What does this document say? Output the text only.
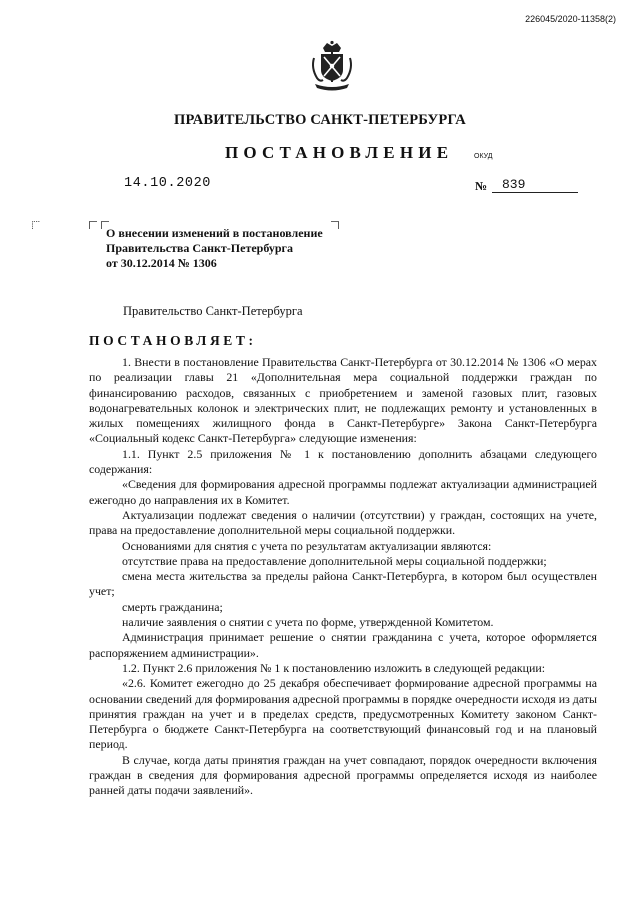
226045/2020-11358(2)
ПРАВИТЕЛЬСТВО САНКТ-ПЕТЕРБУРГА
ПОСТАНОВЛЕНИЕ	ОКУД
14.10.2020	№	839
О внесении изменений в постановление
Правительства Санкт-Петербурга
от 30.12.2014 № 1306
Правительство Санкт-Петербурга
ПОСТАНОВЛЯЕТ:

1. Внести в постановление Правительства Санкт-Петербурга от 30.12.2014 № 1306 «О мерах по реализации главы 21 «Дополнительная мера социальной поддержки граждан по финансированию расходов, связанных с приобретением и заменой газовых плит, газовых водонагревательных колонок и электрических плит, не подлежащих ремонту и установленных в жилых помещениях жилищного фонда в Санкт-Петербурге» Закона Санкт-Петербурга «Социальный кодекс Санкт-Петербурга» следующие изменения:

1.1. Пункт 2.5 приложения № 1 к постановлению дополнить абзацами следующего содержания:

«Сведения для формирования адресной программы подлежат актуализации администрацией ежегодно до направления их в Комитет.

Актуализации подлежат сведения о наличии (отсутствии) у граждан, состоящих на учете, права на предоставление дополнительной меры социальной поддержки.

Основаниями для снятия с учета по результатам актуализации являются:

отсутствие права на предоставление дополнительной меры социальной поддержки;

смена места жительства за пределы района Санкт-Петербурга, в котором был осуществлен учет;

смерть гражданина;

наличие заявления о снятии с учета по форме, утвержденной Комитетом.

Администрация принимает решение о снятии гражданина с учета, которое оформляется распоряжением администрации».

1.2. Пункт 2.6 приложения № 1 к постановлению изложить в следующей редакции:

«2.6. Комитет ежегодно до 25 декабря обеспечивает формирование адресной программы на основании сведений для формирования адресной программы в порядке очередности исходя из даты принятия граждан на учет и в пределах средств, предусмотренных Комитету законом Санкт-Петербурга о бюджете Санкт-Петербурга на соответствующий финансовый год и на плановый период.

В случае, когда даты принятия граждан на учет совпадают, порядок очередности включения граждан в сведения для формирования адресной программы определяется исходя из наиболее ранней даты подачи заявлений».
